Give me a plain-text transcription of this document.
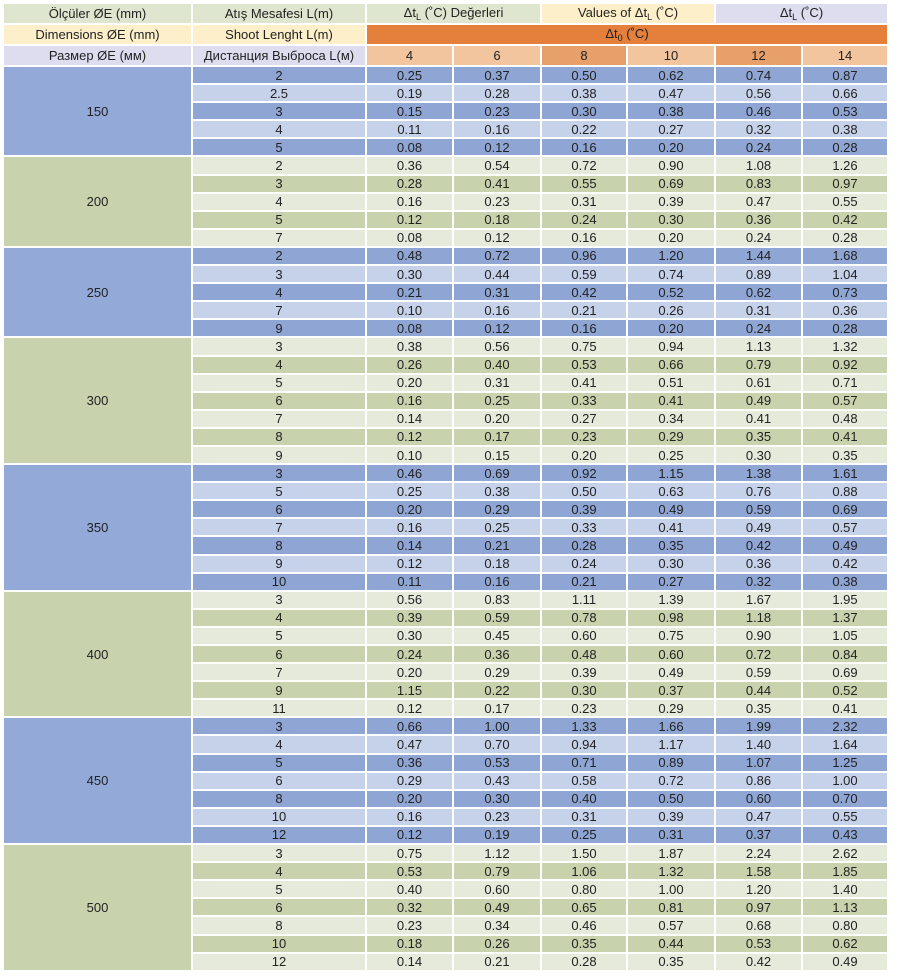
Ölçüler ØE (mm)	Atış Mesafesi L(m)	$\Delta t_L$ (˚C) Değerleri		Values of $\Delta t_L$ (˚C)		$\Delta t_L$ (˚C)	
Dimensions ØE (mm)	Shoot Lenght L(m)	$\Delta t_0$ (˚C)					
Размер ØE (мм)	Дистанция Выброса L(м)	4	6	8	10	12	14
150	2	0.25	0.37	0.50	0.62	0.74	0.87
	2.5	0.19	0.28	0.38	0.47	0.56	0.66
	3	0.15	0.23	0.30	0.38	0.46	0.53
	4	0.11	0.16	0.22	0.27	0.32	0.38
	5	0.08	0.12	0.16	0.20	0.24	0.28
200	2	0.36	0.54	0.72	0.90	1.08	1.26
	3	0.28	0.41	0.55	0.69	0.83	0.97
	4	0.16	0.23	0.31	0.39	0.47	0.55
	5	0.12	0.18	0.24	0.30	0.36	0.42
	7	0.08	0.12	0.16	0.20	0.24	0.28
250	2	0.48	0.72	0.96	1.20	1.44	1.68
	3	0.30	0.44	0.59	0.74	0.89	1.04
	4	0.21	0.31	0.42	0.52	0.62	0.73
	7	0.10	0.16	0.21	0.26	0.31	0.36
	9	0.08	0.12	0.16	0.20	0.24	0.28
300	3	0.38	0.56	0.75	0.94	1.13	1.32
	4	0.26	0.40	0.53	0.66	0.79	0.92
	5	0.20	0.31	0.41	0.51	0.61	0.71
	6	0.16	0.25	0.33	0.41	0.49	0.57
	7	0.14	0.20	0.27	0.34	0.41	0.48
	8	0.12	0.17	0.23	0.29	0.35	0.41
	9	0.10	0.15	0.20	0.25	0.30	0.35
350	3	0.46	0.69	0.92	1.15	1.38	1.61
	5	0.25	0.38	0.50	0.63	0.76	0.88
	6	0.20	0.29	0.39	0.49	0.59	0.69
	7	0.16	0.25	0.33	0.41	0.49	0.57
	8	0.14	0.21	0.28	0.35	0.42	0.49
	9	0.12	0.18	0.24	0.30	0.36	0.42
	10	0.11	0.16	0.21	0.27	0.32	0.38
400	3	0.56	0.83	1.11	1.39	1.67	1.95
	4	0.39	0.59	0.78	0.98	1.18	1.37
	5	0.30	0.45	0.60	0.75	0.90	1.05
	6	0.24	0.36	0.48	0.60	0.72	0.84
	7	0.20	0.29	0.39	0.49	0.59	0.69
	9	1.15	0.22	0.30	0.37	0.44	0.52
	11	0.12	0.17	0.23	0.29	0.35	0.41
450	3	0.66	1.00	1.33	1.66	1.99	2.32
	4	0.47	0.70	0.94	1.17	1.40	1.64
	5	0.36	0.53	0.71	0.89	1.07	1.25
	6	0.29	0.43	0.58	0.72	0.86	1.00
	8	0.20	0.30	0.40	0.50	0.60	0.70
	10	0.16	0.23	0.31	0.39	0.47	0.55
	12	0.12	0.19	0.25	0.31	0.37	0.43
500	3	0.75	1.12	1.50	1.87	2.24	2.62
	4	0.53	0.79	1.06	1.32	1.58	1.85
	5	0.40	0.60	0.80	1.00	1.20	1.40
	6	0.32	0.49	0.65	0.81	0.97	1.13
	8	0.23	0.34	0.46	0.57	0.68	0.80
	10	0.18	0.26	0.35	0.44	0.53	0.62
	12	0.14	0.21	0.28	0.35	0.42	0.49
